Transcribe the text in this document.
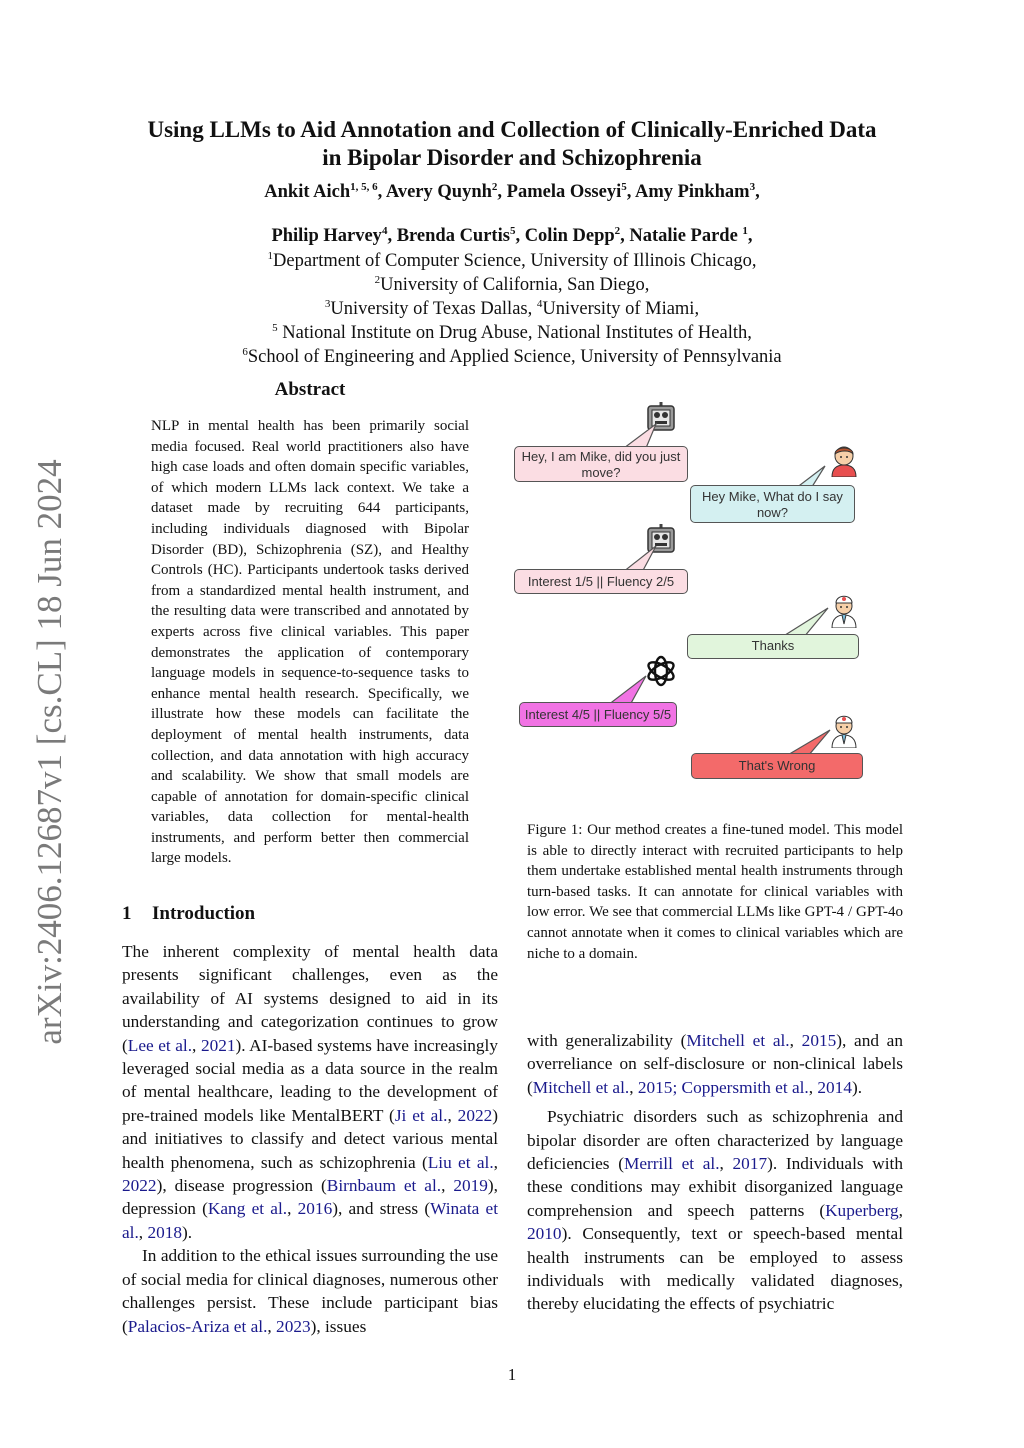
arXiv:2406.12687v1 [cs.CL] 18 Jun 2024
Using LLMs to Aid Annotation and Collection of Clinically-Enriched Data
in Bipolar Disorder and Schizophrenia
Ankit Aich$^{1, 5, 6}$, Avery Quynh$^2$, Pamela Osseyi$^5$, Amy Pinkham$^3$,
Philip Harvey$^4$, Brenda Curtis$^5$, Colin Depp$^2$, Natalie Parde $^1$,
$^1$Department of Computer Science, University of Illinois Chicago,
$^2$University of California, San Diego,
$^3$University of Texas Dallas, $^4$University of Miami,
$^5$ National Institute on Drug Abuse, National Institutes of Health,
$^6$School of Engineering and Applied Science, University of Pennsylvania
Abstract
NLP in mental health has been primarily social media focused. Real world practitioners also have high case loads and often domain specific variables, of which modern LLMs lack context. We take a dataset made by recruiting 644 participants, including individuals diagnosed with Bipolar Disorder (BD), Schizophrenia (SZ), and Healthy Controls (HC). Participants undertook tasks derived from a standardized mental health instrument, and the resulting data were transcribed and annotated by experts across five clinical variables. This paper demonstrates the application of contemporary language models in sequence-to-sequence tasks to enhance mental health research. Specifically, we illustrate how these models can facilitate the deployment of mental health instruments, data collection, and data annotation with high accuracy and scalability. We show that small models are capable of annotation for domain-specific clinical variables, data collection for mental-health instruments, and perform better then commercial large models.
1 Introduction

The inherent complexity of mental health data presents significant challenges, even as the availability of AI systems designed to aid in its understanding and categorization continues to grow (Lee et al., 2021). AI-based systems have increasingly leveraged social media as a data source in the realm of mental healthcare, leading to the development of pre-trained models like MentalBERT (Ji et al., 2022) and initiatives to classify and detect various mental health phenomena, such as schizophrenia (Liu et al., 2022), disease progression (Birnbaum et al., 2019), depression (Kang et al., 2016), and stress (Winata et al., 2018).

In addition to the ethical issues surrounding the use of social media for clinical diagnoses, numerous other challenges persist. These include participant bias (Palacios-Ariza et al., 2023), issues

with generalizability (Mitchell et al., 2015), and an overreliance on self-disclosure or non-clinical labels (Mitchell et al., 2015; Coppersmith et al., 2014).

Psychiatric disorders such as schizophrenia and bipolar disorder are often characterized by language deficiencies (Merrill et al., 2017). Individuals with these conditions may exhibit disorganized language comprehension and speech patterns (Kuperberg, 2010). Consequently, text or speech-based mental health instruments can be employed to assess individuals with medically validated diagnoses, thereby elucidating the effects of psychiatric

Hey, I am Mike, did you just move?
Hey Mike, What do I say now?
Interest 1/5 || Fluency 2/5
Thanks
Interest 4/5 || Fluency 5/5
That's Wrong
Figure 1: Our method creates a fine-tuned model. This model is able to directly interact with recruited participants to help them undertake established mental health instruments through turn-based tasks. It can annotate for clinical variables with low error. We see that commercial LLMs like GPT-4 / GPT-4o cannot annotate when it comes to clinical variables which are niche to a domain.
1
